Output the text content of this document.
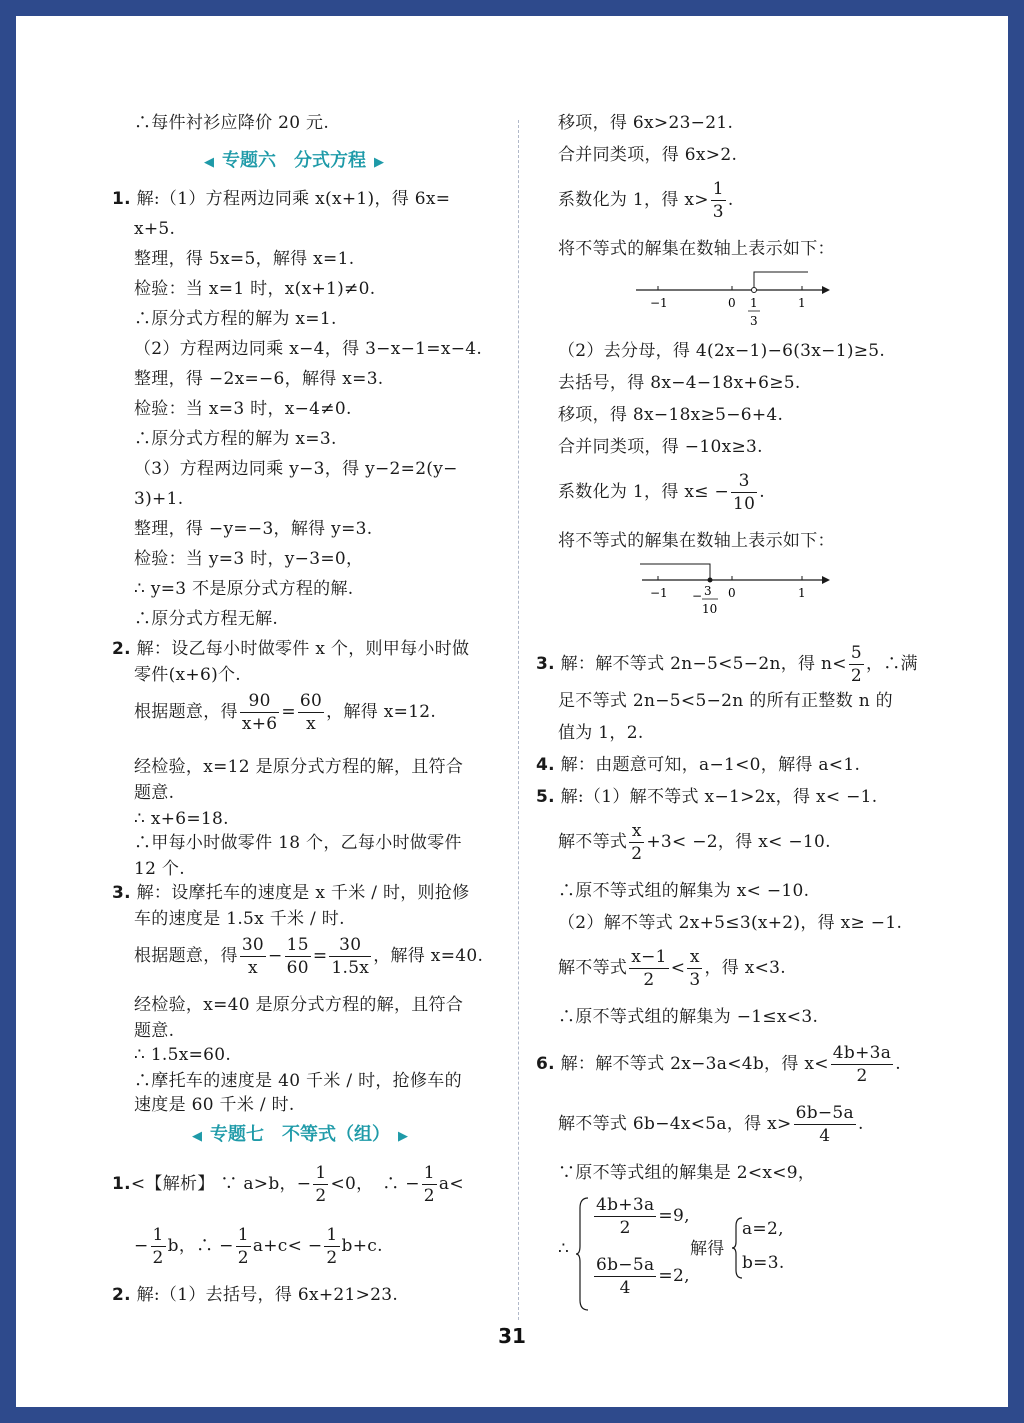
∴每件衬衫应降价 20 元.
◀ 专题六　分式方程 ▶
1. 解:（1）方程两边同乘 x(x+1)，得 6x=
x+5.
整理，得 5x=5，解得 x=1.
检验：当 x=1 时，x(x+1)≠0.
∴原分式方程的解为 x=1.
（2）方程两边同乘 x−4，得 3−x−1=x−4.
整理，得 −2x=−6，解得 x=3.
检验：当 x=3 时，x−4≠0.
∴原分式方程的解为 x=3.
（3）方程两边同乘 y−3，得 y−2=2(y−
3)+1.
整理，得 −y=−3，解得 y=3.
检验：当 y=3 时，y−3=0，
∴ y=3 不是原分式方程的解.
∴原分式方程无解.
2. 解：设乙每小时做零件 x 个，则甲每小时做
零件(x+6)个.
根据题意，得 $\frac{90}{x+6} = \frac{60}{x}$ ，解得 x=12.
经检验，x=12 是原分式方程的解，且符合
题意.
∴ x+6=18.
∴甲每小时做零件 18 个，乙每小时做零件
12 个.
3. 解：设摩托车的速度是 x 千米 / 时，则抢修
车的速度是 1.5x 千米 / 时.
根据题意，得 $\frac{30}{x} - \frac{15}{60} = \frac{30}{1.5x}$ ，解得 x=40.
经检验，x=40 是原分式方程的解，且符合
题意.
∴ 1.5x=60.
∴摩托车的速度是 40 千米 / 时，抢修车的
速度是 60 千米 / 时.
◀ 专题七　不等式（组） ▶
1.<【解析】 ∵ a>b，− $\frac{1}{2} <0$，　∴ − $\frac{1}{2} a<$
− $\frac{1}{2}$ b，∴ − $\frac{1}{2} a+c< - \frac{1}{2} b+c$.
2. 解:（1）去括号，得 6x+21>23.
移项，得 6x>23−21.
合并同类项，得 6x>2.
系数化为 1，得 $x> \frac{1}{3}$ .
将不等式的解集在数轴上表示如下：
−1	0 1
3
1
（2）去分母，得 4(2x−1)−6(3x−1)≥5.
去括号，得 8x−4−18x+6≥5.
移项，得 8x−18x≥5−6+4.
合并同类项，得 −10x≥3.
系数化为 1，得 $x\le - \frac{3}{10}$ .
将不等式的解集在数轴上表示如下：
−1 − 3
10
0	1
3. 解：解不等式 2n−5<5−2n，得 $n< \frac{5}{2}$ ，∴满
足不等式 2n−5<5−2n 的所有正整数 n 的
值为 1，2.
4. 解：由题意可知，a−1<0，解得 a<1.
5. 解:（1）解不等式 x−1>2x，得 x< −1.
解不等式 $\frac{x}{2} +3< -2$，得 x< −10.
∴原不等式组的解集为 x< −10.
（2）解不等式 2x+5≤3(x+2)，得 x≥ −1.
解不等式 $\frac{x-1}{2} < \frac{x}{3}$ ，得 x<3.
∴原不等式组的解集为 −1≤x<3.
6. 解：解不等式 2x−3a<4b，得 $x< \frac{4b+3a}{2}$ .
解不等式 6b−4x<5a，得 $x> \frac{6b-5a}{4}$ .
∵原不等式组的解集是 2<x<9，
∴
$\frac{4b+3a}{2} =9$,
$\frac{6b-5a}{4} =2$,
解得
a=2,
b=3.
31
